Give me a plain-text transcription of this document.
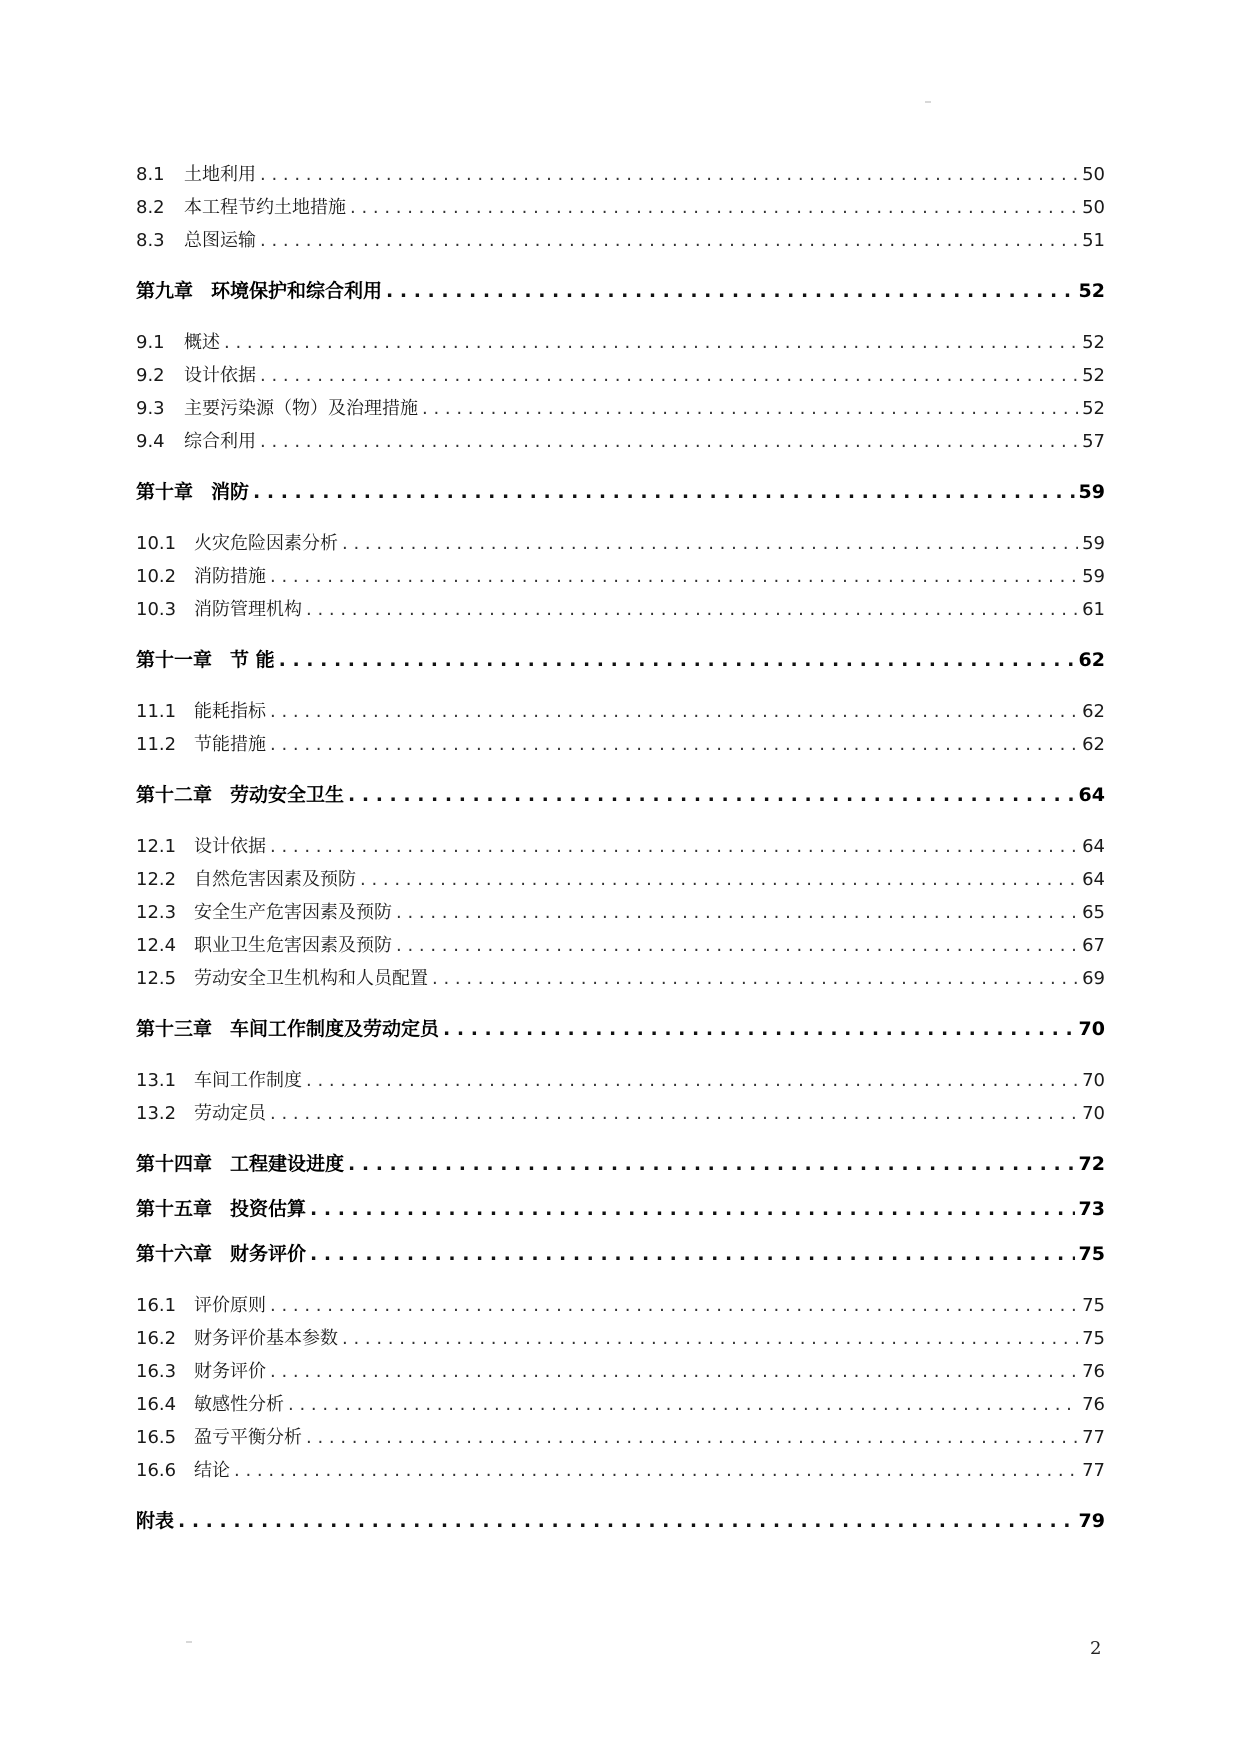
8.1	土地利用 . . .	50
8.2	本工程节约土地措施 . . .	50
8.3	总图运输 . . .	51
第九章 环境保护和综合利用 . . .	52
9.1	概述 . . .	52
9.2	设计依据 . . .	52
9.3	主要污染源（物）及治理措施 . . .	52
9.4	综合利用 . . .	57
第十章 消防 . . .	59
10.1 火灾危险因素分析 . . .	59
10.2 消防措施 . . .	59
10.3 消防管理机构 . . .	61
第十一章 节 能 . . .	62
11.1 能耗指标 . . .	62
11.2 节能措施 . . .	62
第十二章 劳动安全卫生 . . .	64
12.1 设计依据 . . .	64
12.2 自然危害因素及预防 . . .	64
12.3 安全生产危害因素及预防 . . .	65
12.4 职业卫生危害因素及预防 . . .	67
12.5 劳动安全卫生机构和人员配置 . . .	69
第十三章 车间工作制度及劳动定员 . . .	70
13.1 车间工作制度 . . .	70
13.2 劳动定员 . . .	70
第十四章 工程建设进度 . . .	72
第十五章 投资估算 . . .	73
第十六章 财务评价 . . .	75
16.1 评价原则 . . .	75
16.2 财务评价基本参数 . . .	75
16.3 财务评价 . . .	76
16.4 敏感性分析 . . .	76
16.5 盈亏平衡分析 . . .	77
16.6 结论 . . .	77
附表 . . .	79
2
